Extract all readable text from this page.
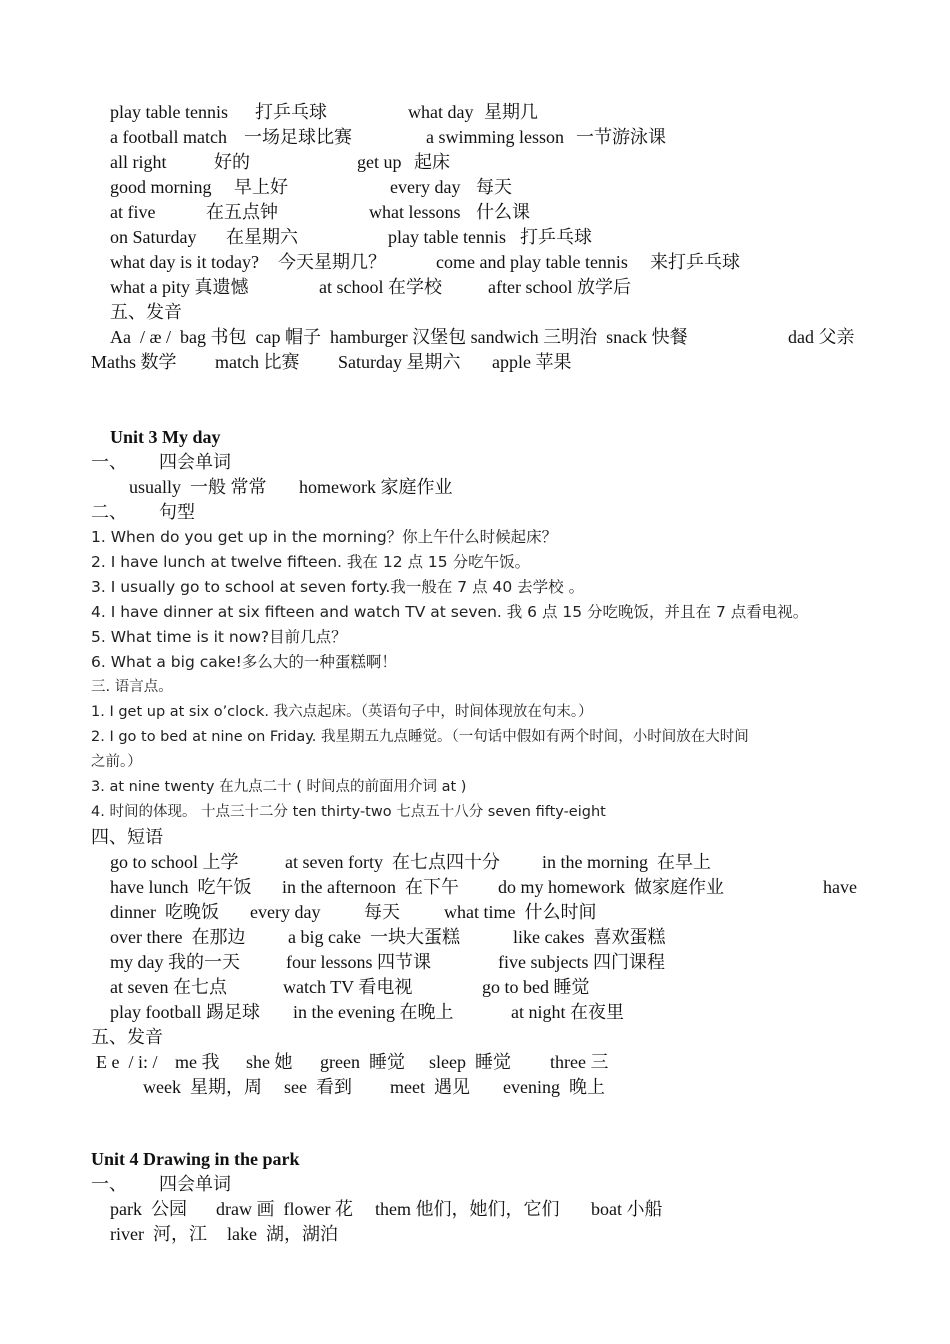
play table tennis 打乒乓球	what day 星期几
a football match 一场足球比赛	a swimming lesson 一节游泳课
all right	好的	get up 起床
good morning 早上好	every day 每天
at five	在五点钟	what lessons 什么课
on Saturday 在星期六	play table tennis 打乒乓球
what day is it today? 今天星期几？	come and play table tennis 来打乒乓球
what a pity 真遗憾	at school 在学校	after school 放学后
五、发音
Aa  / æ /  bag 书包  cap 帽子  hamburger 汉堡包 sandwich 三明治  snack 快餐	dad 父亲
Maths 数学 match 比赛 Saturday 星期六 apple 苹果
Unit 3 My day
一、 四会单词
usually  一般 常常 homework 家庭作业
二、 句型
1. When do you get up in the morning？你上午什么时候起床？
2. I have lunch at twelve fifteen. 我在 12 点 15 分吃午饭。
3. I usually go to school at seven forty.我一般在 7 点 40 去学校 。
4. I have dinner at six fifteen and watch TV at seven. 我 6 点 15 分吃晚饭，并且在 7 点看电视。
5. What time is it now?目前几点？
6. What a big cake!多么大的一种蛋糕啊！
三. 语言点。
1. I get up at six o’clock. 我六点起床。（英语句子中，时间体现放在句末。）
2. I go to bed at nine on Friday. 我星期五九点睡觉。（一句话中假如有两个时间，小时间放在大时间
之前。）
3. at nine twenty 在九点二十 ( 时间点的前面用介词 at )
4. 时间的体现。 十点三十二分 ten thirty-two 七点五十八分 seven fifty-eight
四、短语
go to school 上学	at seven forty  在七点四十分 in the morning  在早上
have lunch  吃午饭 in the afternoon  在下午 do my homework  做家庭作业	have
dinner  吃晚饭 every day 每天 what time  什么时间
over there  在那边 a big cake  一块大蛋糕	like cakes  喜欢蛋糕
my day 我的一天	four lessons 四节课	five subjects 四门课程
at seven 在七点	watch TV 看电视	go to bed 睡觉
play football 踢足球 in the evening 在晚上	at night 在夜里
五、发音
E e  / i: / me 我 she 她 green  睡觉 sleep  睡觉 three 三
week  星期，周 see  看到 meet  遇见 evening  晚上
Unit 4 Drawing in the park
一、 四会单词
park  公园 draw 画  flower 花 them 他们，她们，它们 boat 小船
river  河，江 lake  湖，湖泊
